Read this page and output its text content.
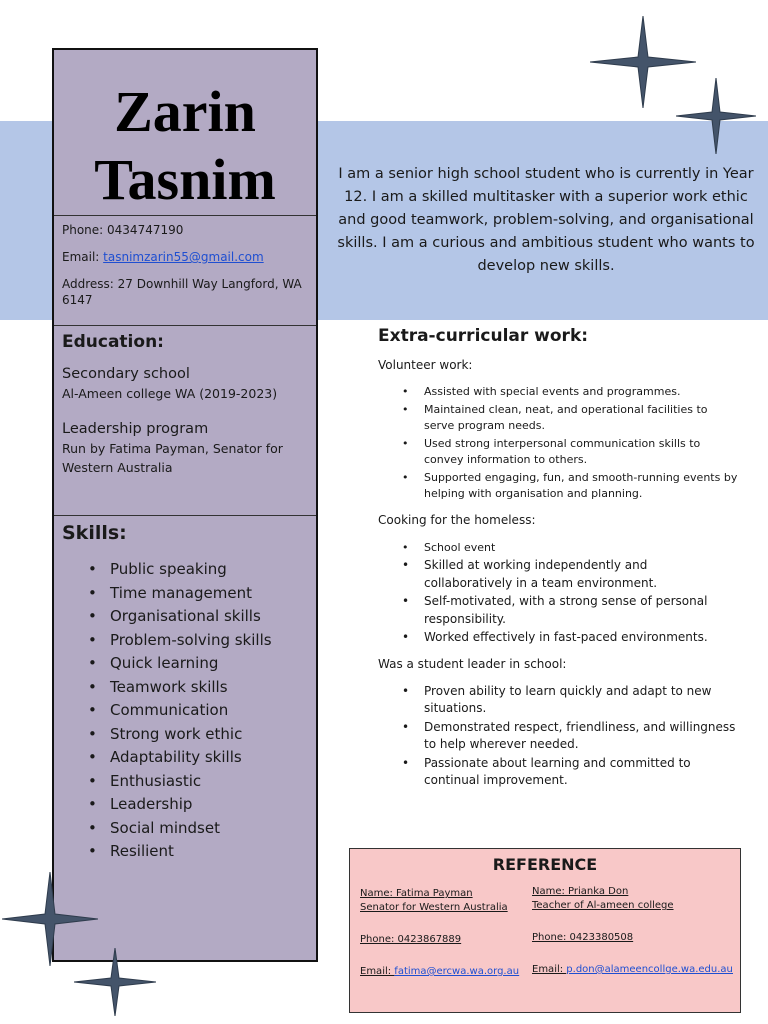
Zarin
Tasnim

Phone: 0434747190

Email: tasnimzarin55@gmail.com

Address: 27 Downhill Way Langford, WA 6147

Education:
Secondary school
Al-Ameen college WA (2019-2023)
Leadership program
Run by Fatima Payman, Senator for Western Australia
Skills:
• Public speaking
• Time management
• Organisational skills
• Problem-solving skills
• Quick learning
• Teamwork skills
• Communication
• Strong work ethic
• Adaptability skills
• Enthusiastic
• Leadership
• Social mindset
• Resilient
I am a senior high school student who is currently in Year 12. I am a skilled multitasker with a superior work ethic and good teamwork, problem-solving, and organisational skills. I am a curious and ambitious student who wants to develop new skills.
Extra-curricular work:
Volunteer work:
• Assisted with special events and programmes.
• Maintained clean, neat, and operational facilities to serve program needs.
• Used strong interpersonal communication skills to convey information to others.
• Supported engaging, fun, and smooth-running events by helping with organisation and planning.
Cooking for the homeless:
• School event
• Skilled at working independently and collaboratively in a team environment.
• Self-motivated, with a strong sense of personal responsibility.
• Worked effectively in fast-paced environments.
Was a student leader in school:
• Proven ability to learn quickly and adapt to new situations.
• Demonstrated respect, friendliness, and willingness to help wherever needed.
• Passionate about learning and committed to continual improvement.
REFERENCE

Name: Fatima Payman

Senator for Western Australia

Phone: 0423867889

Email: fatima@ercwa.wa.org.au

Name: Prianka Don

Teacher of Al-ameen college

Phone: 0423380508

Email: p.don@alameencollge.wa.edu.au
